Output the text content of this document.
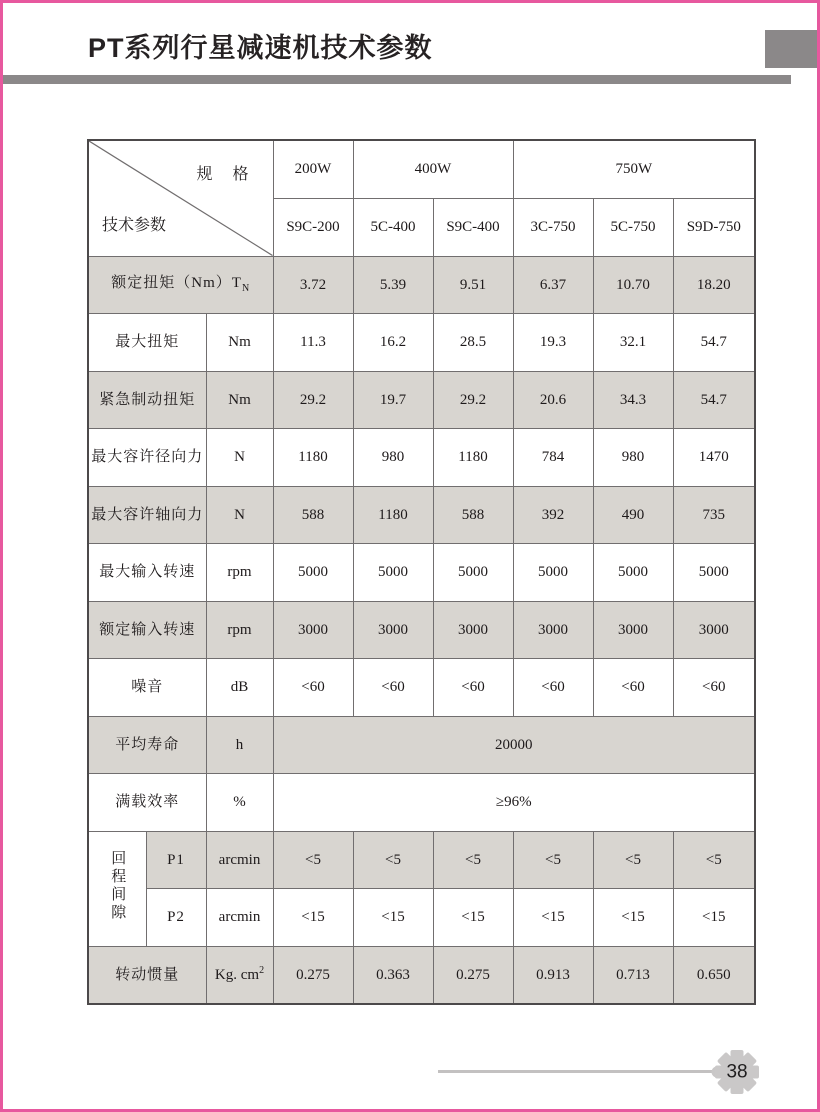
PT系列行星减速机技术参数
规 格
技术参数			200W	400W		750W		
			S9C-200	5C-400	S9C-400	3C-750	5C-750	S9D-750
额定扭矩$(Nm)T_N$			3.72	5.39	9.51	6.37	10.70	18.20
最大扭矩		Nm	11.3	16.2	28.5	19.3	32.1	54.7
紧急制动扭矩		Nm	29.2	19.7	29.2	20.6	34.3	54.7
最大容许径向力		N	1180	980	1180	784	980	1470
最大容许轴向力		N	588	1180	588	392	490	735
最大输入转速		rpm	5000	5000	5000	5000	5000	5000
额定输入转速		rpm	3000	3000	3000	3000	3000	3000
噪音		dB	<60	<60	<60	<60	<60	<60
平均寿命		h	20000					
满载效率		%	≥96%					
回程间隙	P1	arcmin	<5	<5	<5	<5	<5	<5
	P2	arcmin	<15	<15	<15	<15	<15	<15
转动惯量		Kg. $cm^2$	0.275	0.363	0.275	0.913	0.713	0.650
38
